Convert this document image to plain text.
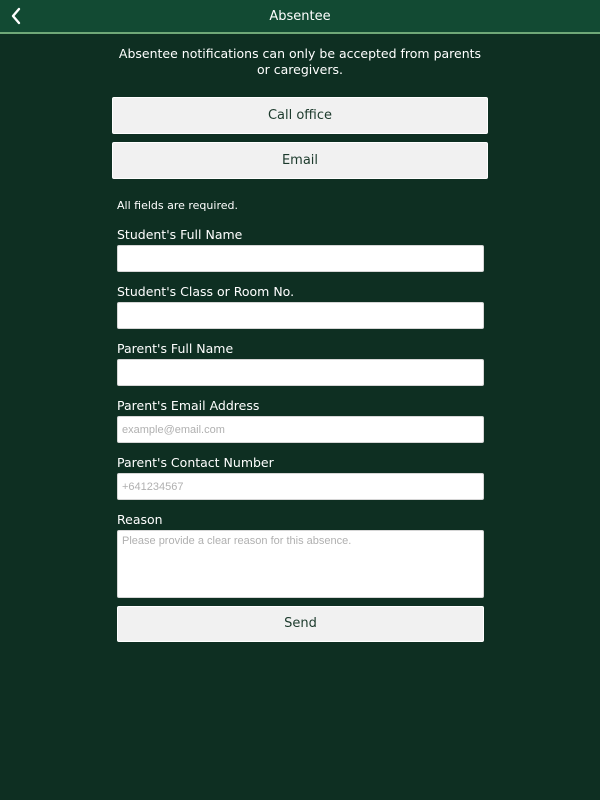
Absentee
Absentee notifications can only be accepted from parents or caregivers.
Call office
Email
All fields are required.
Student's Full Name
Student's Class or Room No.
Parent's Full Name
Parent's Email Address
example@email.com
Parent's Contact Number
+641234567
Reason
Please provide a clear reason for this absence.
Send
